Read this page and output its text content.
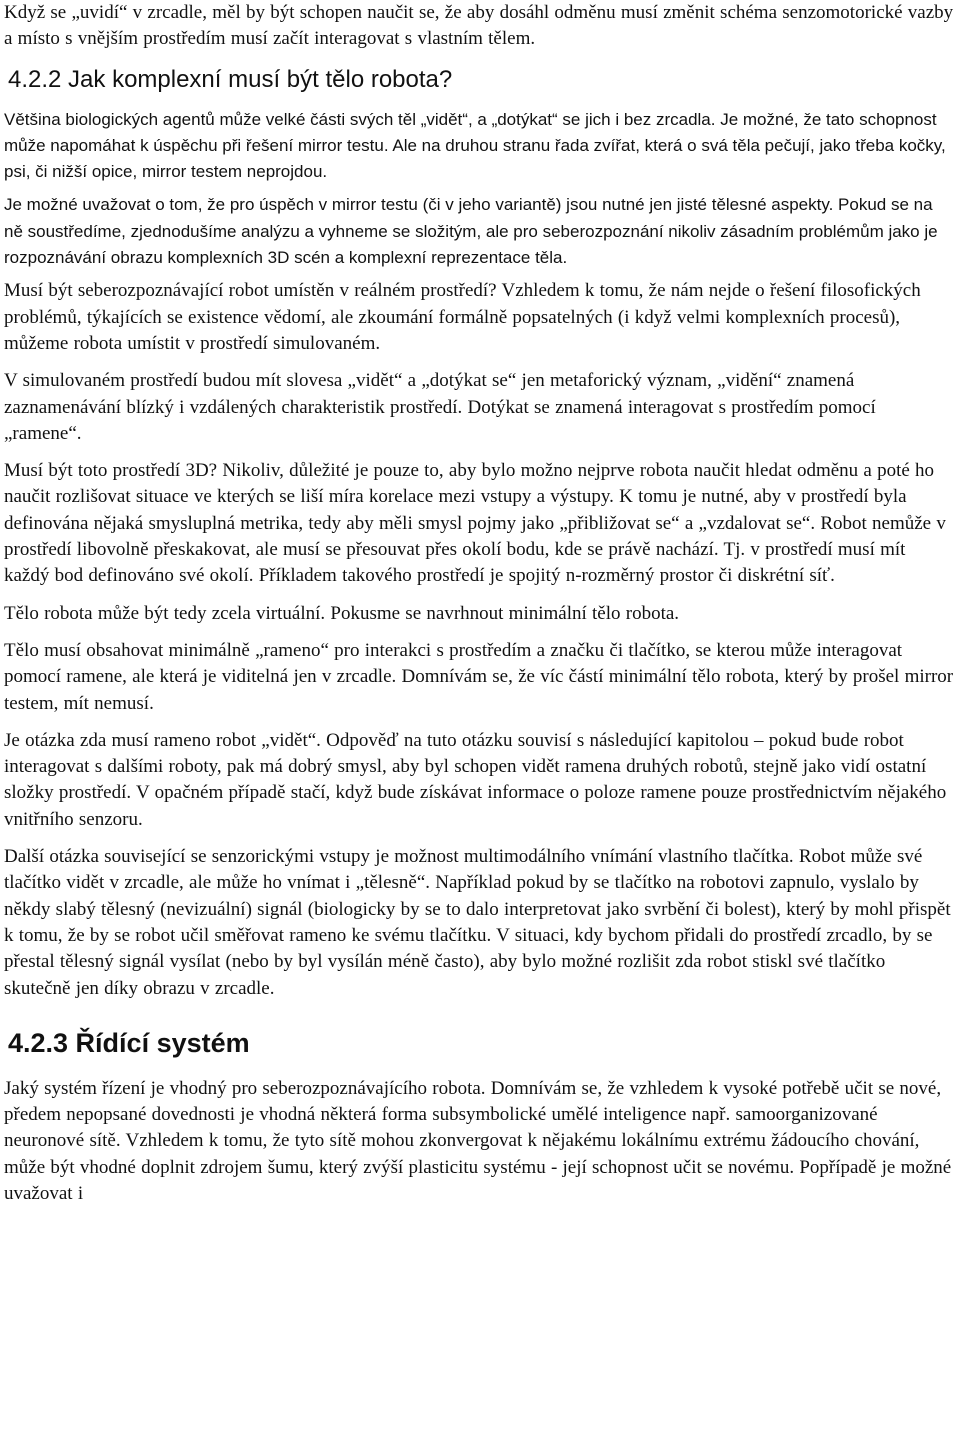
Když se „uvidí“ v zrcadle, měl by být schopen naučit se, že aby dosáhl odměnu musí změnit schéma senzomotorické vazby a místo s vnějším prostředím musí začít interagovat s vlastním tělem.

4.2.2 Jak komplexní musí být tělo robota?

Většina biologických agentů může velké části svých těl „vidět“, a „dotýkat“ se jich i bez zrcadla. Je možné, že tato schopnost může napomáhat k úspěchu při řešení mirror testu. Ale na druhou stranu řada zvířat, která o svá těla pečují, jako třeba kočky, psi, či nižší opice, mirror testem neprojdou.

Je možné uvažovat o tom, že pro úspěch v mirror testu (či v jeho variantě) jsou nutné jen jisté tělesné aspekty. Pokud se na ně soustředíme, zjednodušíme analýzu a vyhneme se složitým, ale pro seberozpoznání nikoliv zásadním problémům jako je rozpoznávání obrazu komplexních 3D scén a komplexní reprezentace těla.

Musí být seberozpoznávající robot umístěn v reálném prostředí? Vzhledem k tomu, že nám nejde o řešení filosofických problémů, týkajících se existence vědomí, ale zkoumání formálně popsatelných (i když velmi komplexních procesů), můžeme robota umístit v prostředí simulovaném.

V simulovaném prostředí budou mít slovesa „vidět“ a „dotýkat se“ jen metaforický význam, „vidění“ znamená zaznamenávání blízký i vzdálených charakteristik prostředí. Dotýkat se znamená interagovat s prostředím pomocí „ramene“.

Musí být toto prostředí 3D? Nikoliv, důležité je pouze to, aby bylo možno nejprve robota naučit hledat odměnu a poté ho naučit rozlišovat situace ve kterých se liší míra korelace mezi vstupy a výstupy. K tomu je nutné, aby v prostředí byla definována nějaká smysluplná metrika, tedy aby měli smysl pojmy jako „přibližovat se“ a „vzdalovat se“. Robot nemůže v prostředí libovolně přeskakovat, ale musí se přesouvat přes okolí bodu, kde se právě nachází. Tj. v prostředí musí mít každý bod definováno své okolí. Příkladem takového prostředí je spojitý n-rozměrný prostor či diskrétní síť.

Tělo robota může být tedy zcela virtuální. Pokusme se navrhnout minimální tělo robota.

Tělo musí obsahovat minimálně „rameno“ pro interakci s prostředím a značku či tlačítko, se kterou může interagovat pomocí ramene, ale která je viditelná jen v zrcadle. Domnívám se, že víc částí minimální tělo robota, který by prošel mirror testem, mít nemusí.

Je otázka zda musí rameno robot „vidět“. Odpověď na tuto otázku souvisí s následující kapitolou – pokud bude robot interagovat s dalšími roboty, pak má dobrý smysl, aby byl schopen vidět ramena druhých robotů, stejně jako vidí ostatní složky prostředí. V opačném případě stačí, když bude získávat informace o poloze ramene pouze prostřednictvím nějakého vnitřního senzoru.

Další otázka související se senzorickými vstupy je možnost multimodálního vnímání vlastního tlačítka. Robot může své tlačítko vidět v zrcadle, ale může ho vnímat i „tělesně“. Například pokud by se tlačítko na robotovi zapnulo, vyslalo by někdy slabý tělesný (nevizuální) signál (biologicky by se to dalo interpretovat jako svrbění či bolest), který by mohl přispět k tomu, že by se robot učil směřovat rameno ke svému tlačítku. V situaci, kdy bychom přidali do prostředí zrcadlo, by se přestal tělesný signál vysílat (nebo by byl vysílán méně často), aby bylo možné rozlišit zda robot stiskl své tlačítko skutečně jen díky obrazu v zrcadle.

4.2.3 Řídící systém

Jaký systém řízení je vhodný pro seberozpoznávajícího robota. Domnívám se, že vzhledem k vysoké potřebě učit se nové, předem nepopsané dovednosti je vhodná některá forma subsymbolické umělé inteligence např. samoorganizované neuronové sítě. Vzhledem k tomu, že tyto sítě mohou zkonvergovat k nějakému lokálnímu extrému žádoucího chování, může být vhodné doplnit zdrojem šumu, který zvýší plasticitu systému - její schopnost učit se novému. Popřípadě je možné uvažovat i
